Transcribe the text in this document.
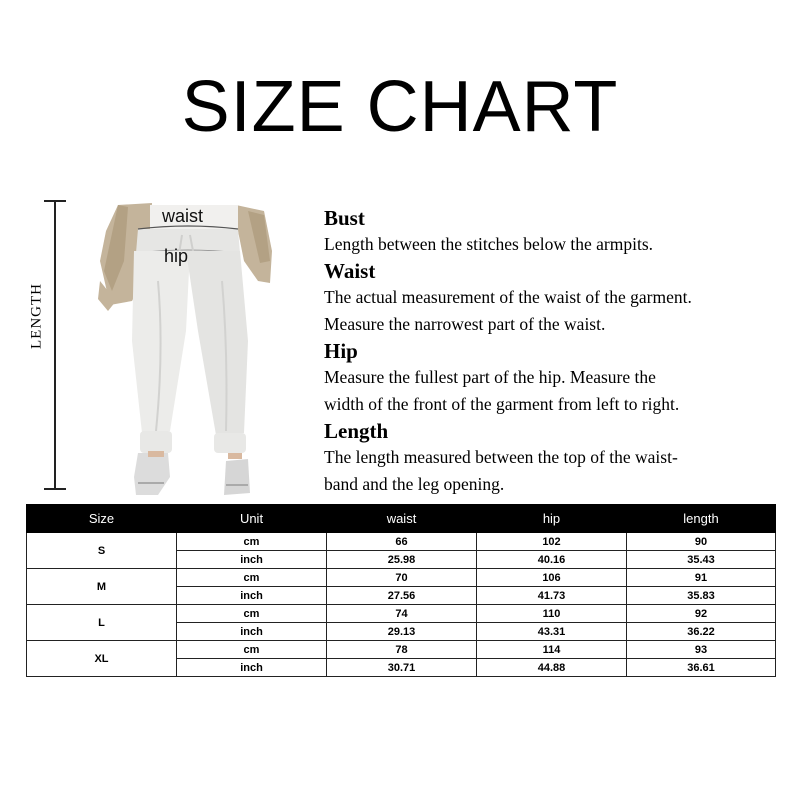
SIZE CHART
LENGTH
waist
hip
Bust

Length between the stitches below the armpits.

Waist

The actual measurement of the waist of the garment.

Measure the narrowest part of the waist.

Hip

Measure the fullest part of the hip. Measure the

width of the front of the garment from left to right.

Length

The length measured between the top of the waist-

band and the leg opening.

Size	Unit	waist	hip	length
S	cm	66	102	90
	inch	25.98	40.16	35.43
M	cm	70	106	91
	inch	27.56	41.73	35.83
L	cm	74	110	92
	inch	29.13	43.31	36.22
XL	cm	78	114	93
	inch	30.71	44.88	36.61
